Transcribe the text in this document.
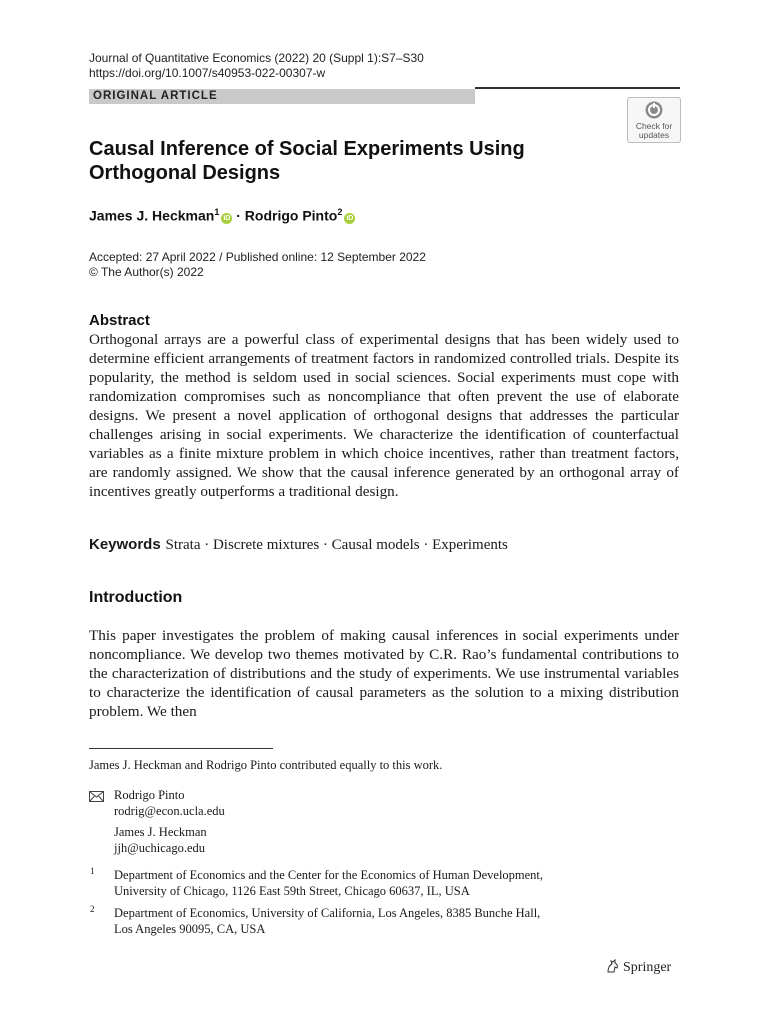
Journal of Quantitative Economics (2022) 20 (Suppl 1):S7–S30
https://doi.org/10.1007/s40953-022-00307-w
ORIGINAL ARTICLE
Check for
updates
Causal Inference of Social Experiments Using Orthogonal Designs
James J. Heckman$^1$iD · Rodrigo Pinto$^2$iD
Accepted: 27 April 2022 / Published online: 12 September 2022
© The Author(s) 2022
Abstract

Orthogonal arrays are a powerful class of experimental designs that has been widely used to determine efficient arrangements of treatment factors in randomized controlled trials. Despite its popularity, the method is seldom used in social sciences. Social experiments must cope with randomization compromises such as noncompliance that often prevent the use of elaborate designs. We present a novel application of orthogonal designs that addresses the particular challenges arising in social experiments. We characterize the identification of counterfactual variables as a finite mixture problem in which choice incentives, rather than treatment factors, are randomly assigned. We show that the causal inference generated by an orthogonal array of incentives greatly outperforms a traditional design.

Keywords Strata · Discrete mixtures · Causal models · Experiments
Introduction

This paper investigates the problem of making causal inferences in social experiments under noncompliance. We develop two themes motivated by C.R. Rao’s fundamental contributions to the characterization of distributions and the study of experiments. We use instrumental variables to characterize the identification of causal parameters as the solution to a mixing distribution problem. We then

James J. Heckman and Rodrigo Pinto contributed equally to this work.
Rodrigo Pinto
rodrig@econ.ucla.edu
James J. Heckman
jjh@uchicago.edu
1 Department of Economics and the Center for the Economics of Human Development,
University of Chicago, 1126 East 59th Street, Chicago 60637, IL, USA
2 Department of Economics, University of California, Los Angeles, 8385 Bunche Hall,
Los Angeles 90095, CA, USA
Springer
